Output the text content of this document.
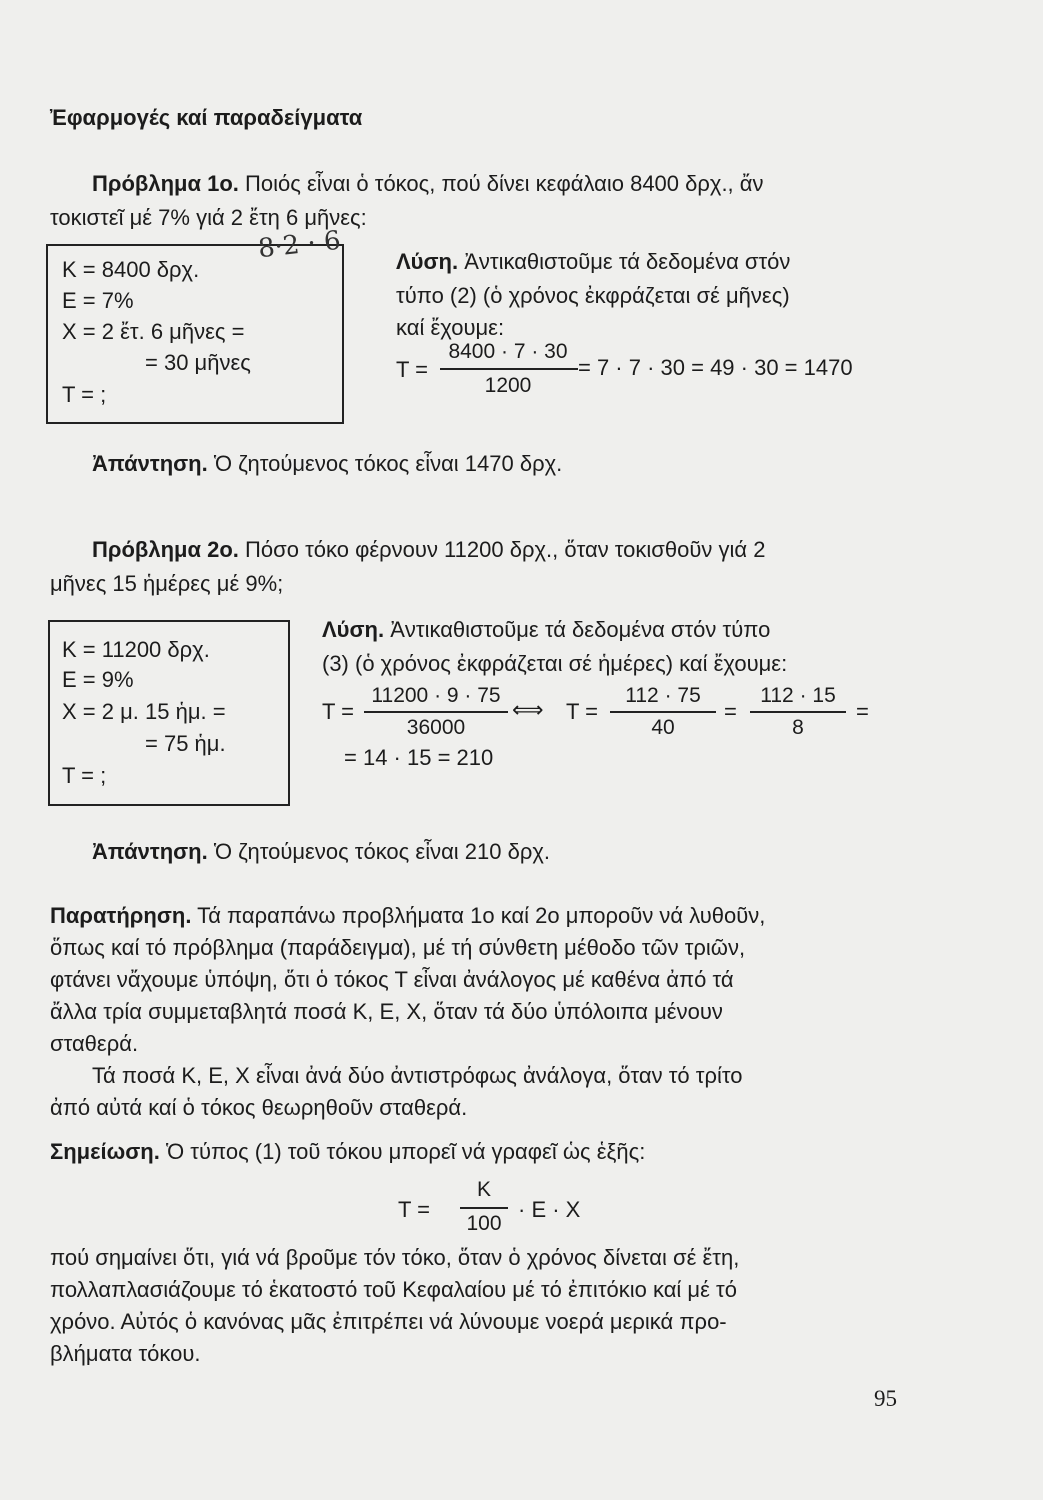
Ἐφαρμογές καί παραδείγματα
Πρόβλημα 1ο. Ποιός εἶναι ὁ τόκος, πού δίνει κεφάλαιο 8400 δρχ., ἄν
τοκιστεῖ μέ 7% γιά 2 ἔτη 6 μῆνες:
Κ = 8400 δρχ.
Ε = 7%
Χ = 2 ἔτ. 6 μῆνες =
= 30 μῆνες
Τ = ;
8·2 · 6 Λύση. Ἀντικαθιστοῦμε τά δεδομένα στόν
τύπο (2) (ὁ χρόνος ἐκφράζεται σέ μῆνες)
καί ἔχουμε:
Τ =
8400 · 7 · 30
1200
= 7 · 7 · 30 = 49 · 30 = 1470
Ἀπάντηση. Ὁ ζητούμενος τόκος εἶναι 1470 δρχ.
Πρόβλημα 2ο. Πόσο τόκο φέρνουν 11200 δρχ., ὅταν τοκισθοῦν γιά 2
μῆνες 15 ἡμέρες μέ 9%;
Κ = 11200 δρχ.
Ε = 9%
Χ = 2 μ. 15 ἡμ. =
= 75 ἡμ.
Τ = ;
Λύση. Ἀντικαθιστοῦμε τά δεδομένα στόν τύπο
(3) (ὁ χρόνος ἐκφράζεται σέ ἡμέρες) καί ἔχουμε:
Τ =
11200 · 9 · 75
36000
⟺ Τ =
112 · 75
40
=
112 · 15
8
=
= 14 · 15 = 210
Ἀπάντηση. Ὁ ζητούμενος τόκος εἶναι 210 δρχ.
Παρατήρηση. Τά παραπάνω προβλήματα 1ο καί 2ο μποροῦν νά λυθοῦν,
ὅπως καί τό πρόβλημα (παράδειγμα), μέ τή σύνθετη μέθοδο τῶν τριῶν,
φτάνει νἄχουμε ὑπόψη, ὅτι ὁ τόκος Τ εἶναι ἀνάλογος μέ καθένα ἀπό τά
ἄλλα τρία συμμεταβλητά ποσά Κ, Ε, Χ, ὅταν τά δύο ὑπόλοιπα μένουν
σταθερά.
Τά ποσά Κ, Ε, Χ εἶναι ἀνά δύο ἀντιστρόφως ἀνάλογα, ὅταν τό τρίτο
ἀπό αὐτά καί ὁ τόκος θεωρηθοῦν σταθερά.
Σημείωση. Ὁ τύπος (1) τοῦ τόκου μπορεῖ νά γραφεῖ ὡς ἑξῆς:
Τ =
Κ
100
· Ε · Χ
πού σημαίνει ὅτι, γιά νά βροῦμε τόν τόκο, ὅταν ὁ χρόνος δίνεται σέ ἔτη,
πολλαπλασιάζουμε τό ἑκατοστό τοῦ Κεφαλαίου μέ τό ἐπιτόκιο καί μέ τό
χρόνο. Αὐτός ὁ κανόνας μᾶς ἐπιτρέπει νά λύνουμε νοερά μερικά προ-
βλήματα τόκου.
95
